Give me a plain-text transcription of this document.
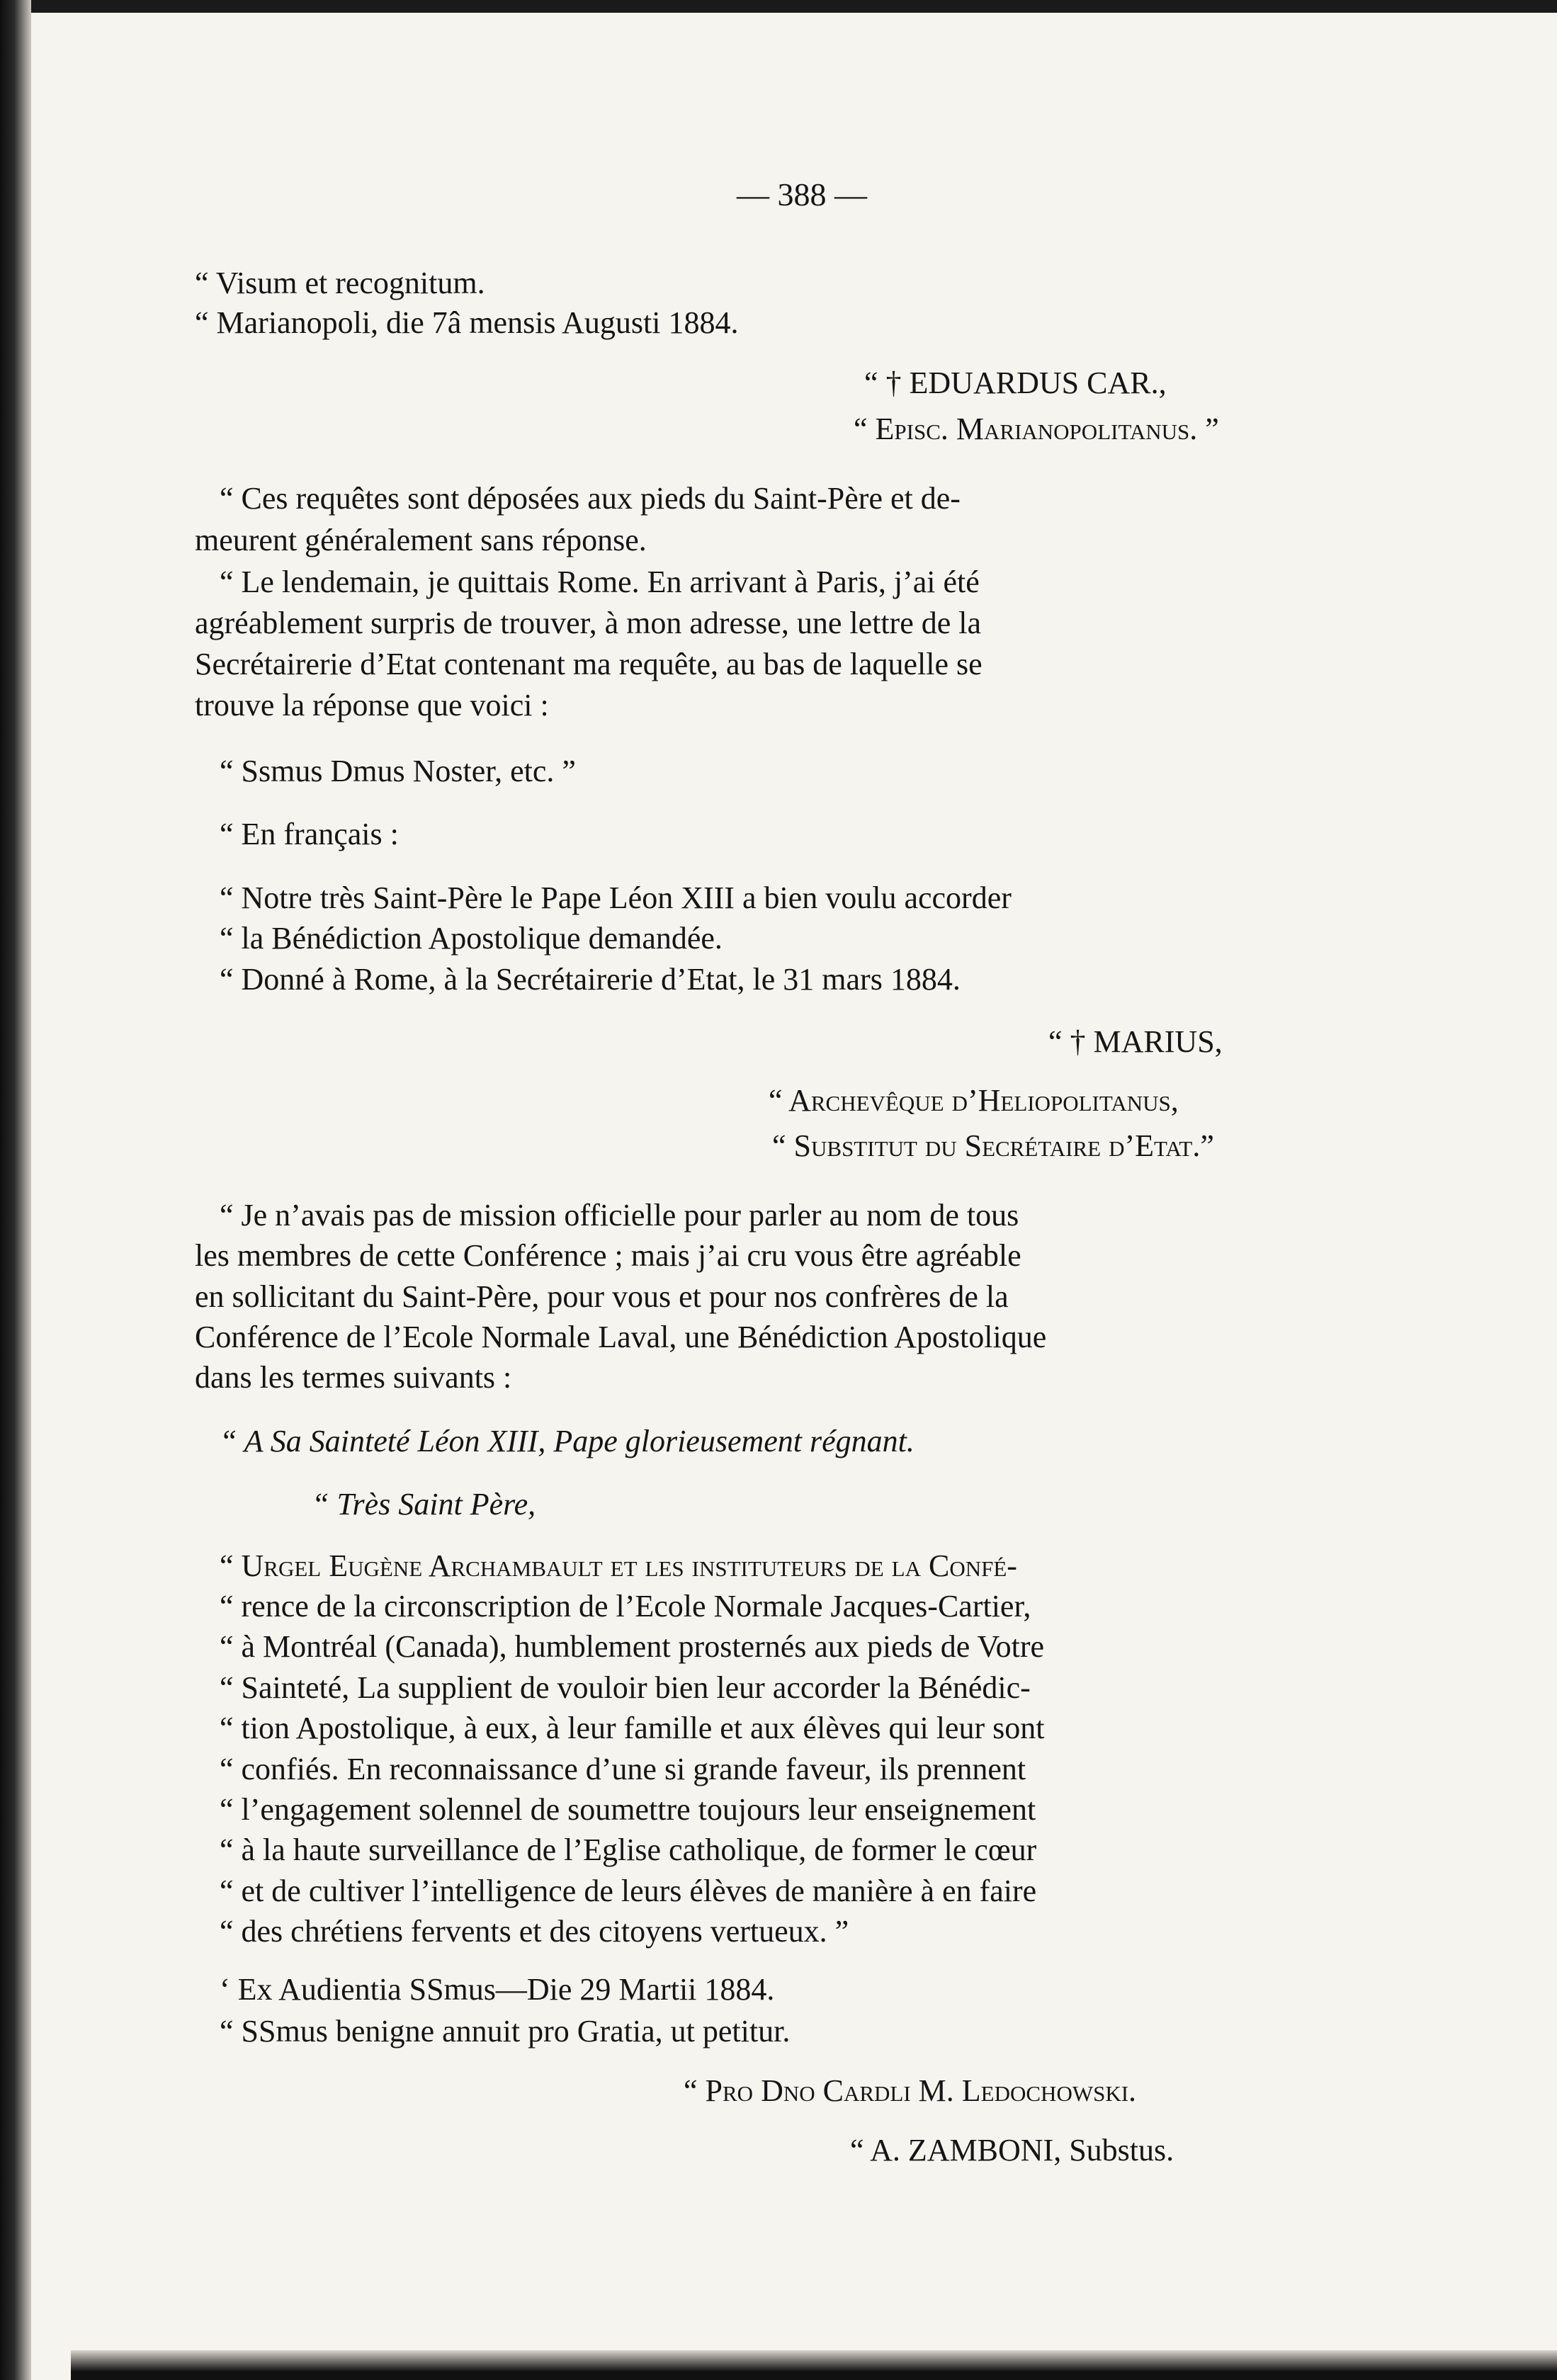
— 388 —
“ Visum et recognitum.
“ Marianopoli, die 7â mensis Augusti 1884.
“ † EDUARDUS CAR.,
“ Episc. Marianopolitanus. ”
“ Ces requêtes sont déposées aux pieds du Saint-Père et de-
meurent généralement sans réponse.
“ Le lendemain, je quittais Rome. En arrivant à Paris, j’ai été
agréablement surpris de trouver, à mon adresse, une lettre de la
Secrétairerie d’Etat contenant ma requête, au bas de laquelle se
trouve la réponse que voici :
“ Ssmus Dmus Noster, etc. ”
“ En français :
“ Notre très Saint-Père le Pape Léon XIII a bien voulu accorder
“ la Bénédiction Apostolique demandée.
“ Donné à Rome, à la Secrétairerie d’Etat, le 31 mars 1884.
“ † MARIUS,
“ Archevêque d’Heliopolitanus,
“ Substitut du Secrétaire d’Etat.”
“ Je n’avais pas de mission officielle pour parler au nom de tous
les membres de cette Conférence ; mais j’ai cru vous être agréable
en sollicitant du Saint-Père, pour vous et pour nos confrères de la
Conférence de l’Ecole Normale Laval, une Bénédiction Apostolique
dans les termes suivants :
“ A Sa Sainteté Léon XIII, Pape glorieusement régnant.
“ Très Saint Père,
“ Urgel Eugène Archambault et les instituteurs de la Confé-
“ rence de la circonscription de l’Ecole Normale Jacques-Cartier,
“ à Montréal (Canada), humblement prosternés aux pieds de Votre
“ Sainteté, La supplient de vouloir bien leur accorder la Bénédic-
“ tion Apostolique, à eux, à leur famille et aux élèves qui leur sont
“ confiés. En reconnaissance d’une si grande faveur, ils prennent
“ l’engagement solennel de soumettre toujours leur enseignement
“ à la haute surveillance de l’Eglise catholique, de former le cœur
“ et de cultiver l’intelligence de leurs élèves de manière à en faire
“ des chrétiens fervents et des citoyens vertueux. ”
‘ Ex Audientia SSmus—Die 29 Martii 1884.
“ SSmus benigne annuit pro Gratia, ut petitur.
“ Pro Dno Cardli M. Ledochowski.
“ A. ZAMBONI, Substus.
